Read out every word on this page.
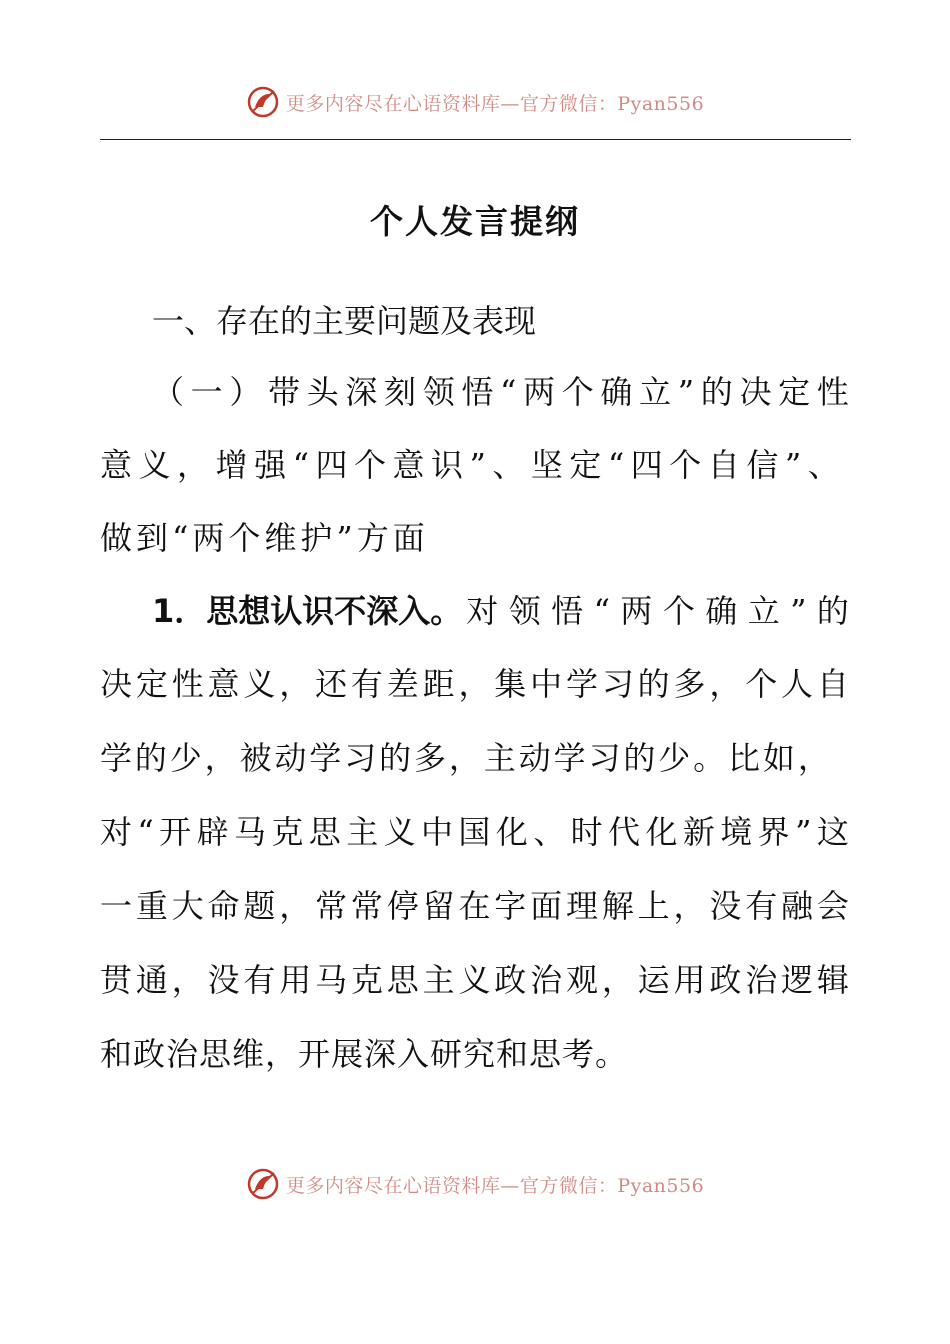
更多内容尽在心语资料库—官方微信：Pyan556
个人发言提纲
一、存在的主要问题及表现
（ 一 ） 带 头 深 刻 领 悟 “ 两 个 确 立 ” 的 决 定 性
意 义 ， 增 强 “ 四 个 意 识 ” 、 坚 定 “ 四 个 自 信 ” 、
做到“两个维护”方面
1．思想认识不深入。 对 领 悟 “ 两 个 确 立 ” 的
决 定 性 意 义 ， 还 有 差 距 ， 集 中 学 习 的 多 ， 个 人 自
学 的 少 ， 被 动 学 习 的 多 ， 主 动 学 习 的 少 。 比 如 ，
对 “ 开 辟 马 克 思 主 义 中 国 化 、 时 代 化 新 境 界 ” 这
一 重 大 命 题 ， 常 常 停 留 在 字 面 理 解 上 ， 没 有 融 会
贯 通 ， 没 有 用 马 克 思 主 义 政 治 观 ， 运 用 政 治 逻 辑
和政治思维，开展深入研究和思考。
更多内容尽在心语资料库—官方微信：Pyan556
